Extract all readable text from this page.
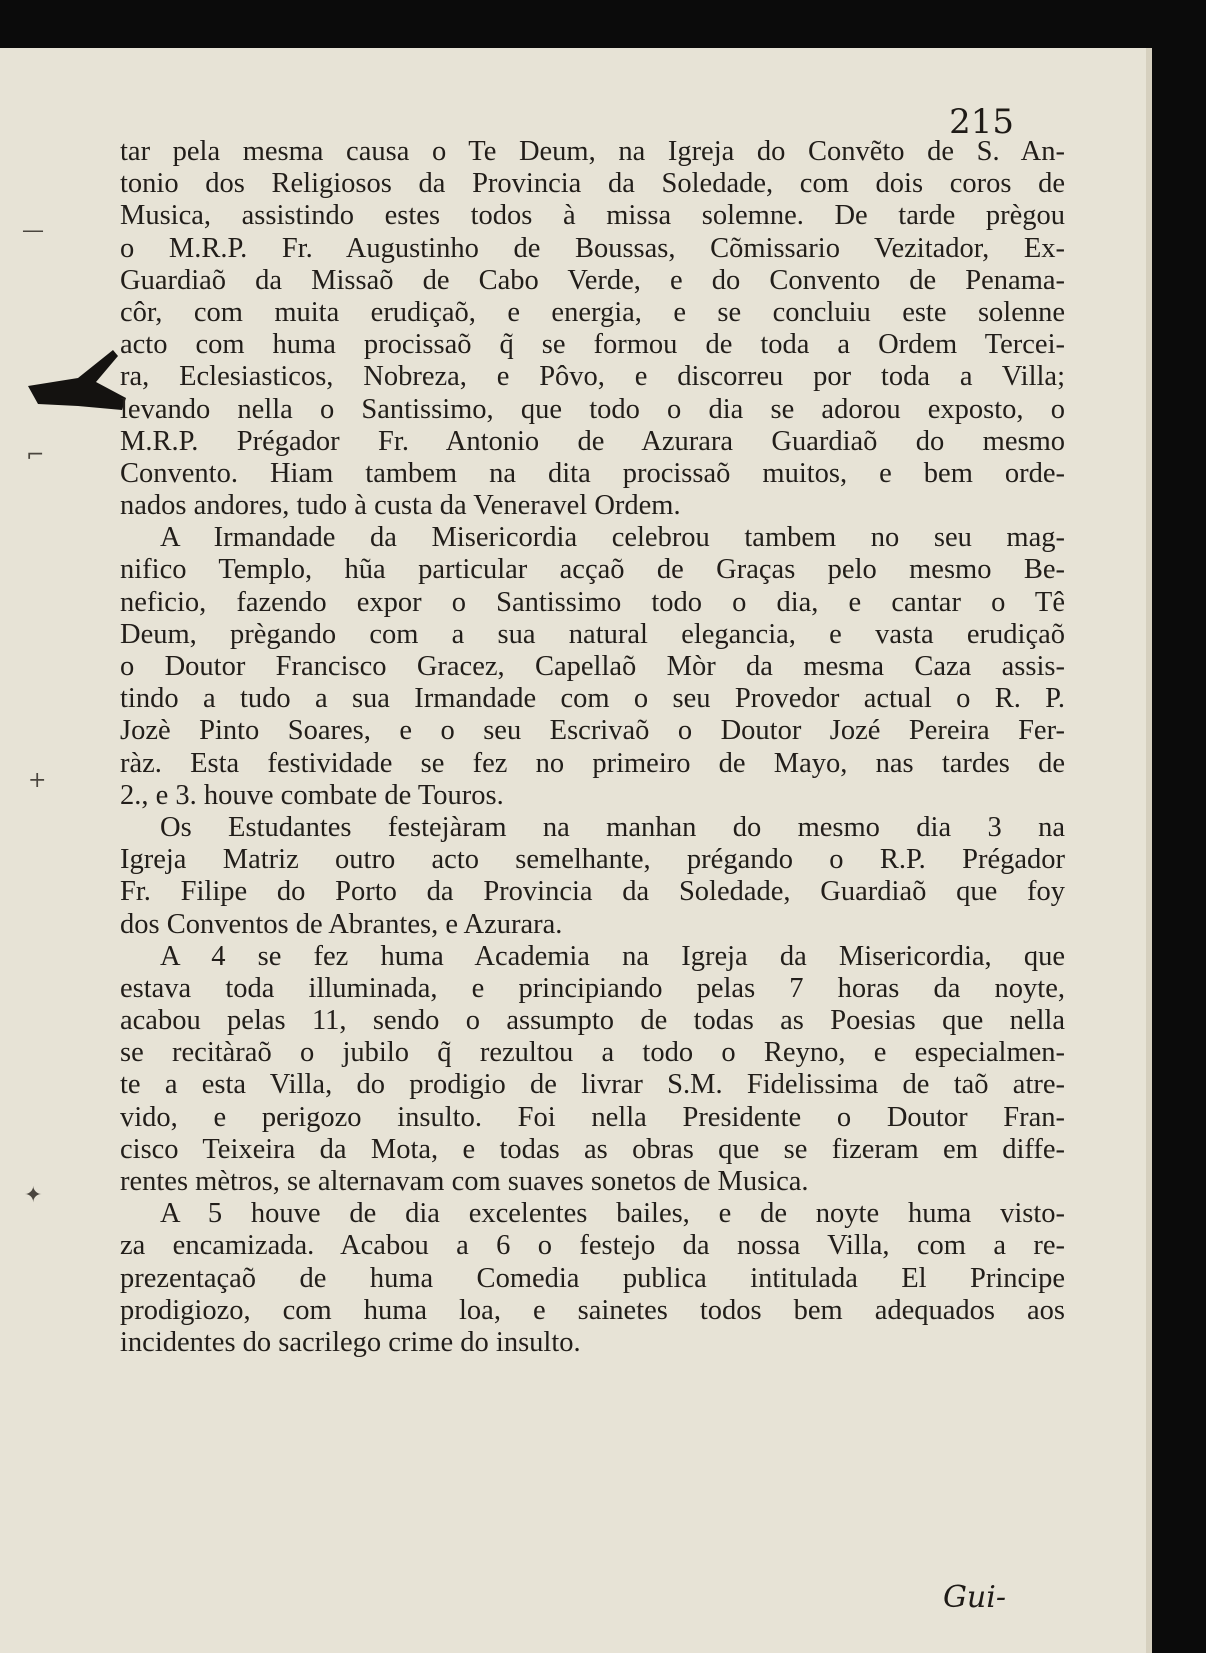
215
—
⌐
+
✦
tar pela mesma causa o Te Deum, na Igreja do Convẽto de S. An-
tonio dos Religiosos da Provincia da Soledade, com dois coros de
Musica, assistindo estes todos à missa solemne. De tarde prègou
o M.R.P. Fr. Augustinho de Boussas, Cõmissario Vezitador, Ex-
Guardiaõ da Missaõ de Cabo Verde, e do Convento de Penama-
côr, com muita erudiçaõ, e energia, e se concluiu este solenne
acto com huma procissaõ q̃ se formou de toda a Ordem Tercei-
ra, Eclesiasticos, Nobreza, e Pôvo, e discorreu por toda a Villa;
levando nella o Santissimo, que todo o dia se adorou exposto, o
M.R.P. Prégador Fr. Antonio de Azurara Guardiaõ do mesmo
Convento. Hiam tambem na dita procissaõ muitos, e bem orde-
nados andores, tudo à custa da Veneravel Ordem.
A Irmandade da Misericordia celebrou tambem no seu mag-
nifico Templo, hũa particular acçaõ de Graças pelo mesmo Be-
neficio, fazendo expor o Santissimo todo o dia, e cantar o Tê
Deum, prègando com a sua natural elegancia, e vasta erudiçaõ
o Doutor Francisco Gracez, Capellaõ Mòr da mesma Caza assis-
tindo a tudo a sua Irmandade com o seu Provedor actual o R. P.
Jozè Pinto Soares, e o seu Escrivaõ o Doutor Jozé Pereira Fer-
ràz. Esta festividade se fez no primeiro de Mayo, nas tardes de
2., e 3. houve combate de Touros.
Os Estudantes festejàram na manhan do mesmo dia 3 na
Igreja Matriz outro acto semelhante, prégando o R.P. Prégador
Fr. Filipe do Porto da Provincia da Soledade, Guardiaõ que foy
dos Conventos de Abrantes, e Azurara.
A 4 se fez huma Academia na Igreja da Misericordia, que
estava toda illuminada, e principiando pelas 7 horas da noyte,
acabou pelas 11, sendo o assumpto de todas as Poesias que nella
se recitàraõ o jubilo q̃ rezultou a todo o Reyno, e especialmen-
te a esta Villa, do prodigio de livrar S.M. Fidelissima de taõ atre-
vido, e perigozo insulto. Foi nella Presidente o Doutor Fran-
cisco Teixeira da Mota, e todas as obras que se fizeram em diffe-
rentes mètros, se alternavam com suaves sonetos de Musica.
A 5 houve de dia excelentes bailes, e de noyte huma visto-
za encamizada. Acabou a 6 o festejo da nossa Villa, com a re-
prezentaçaõ de huma Comedia publica intitulada El Principe
prodigiozo, com huma loa, e sainetes todos bem adequados aos
incidentes do sacrilego crime do insulto.
Gui-
